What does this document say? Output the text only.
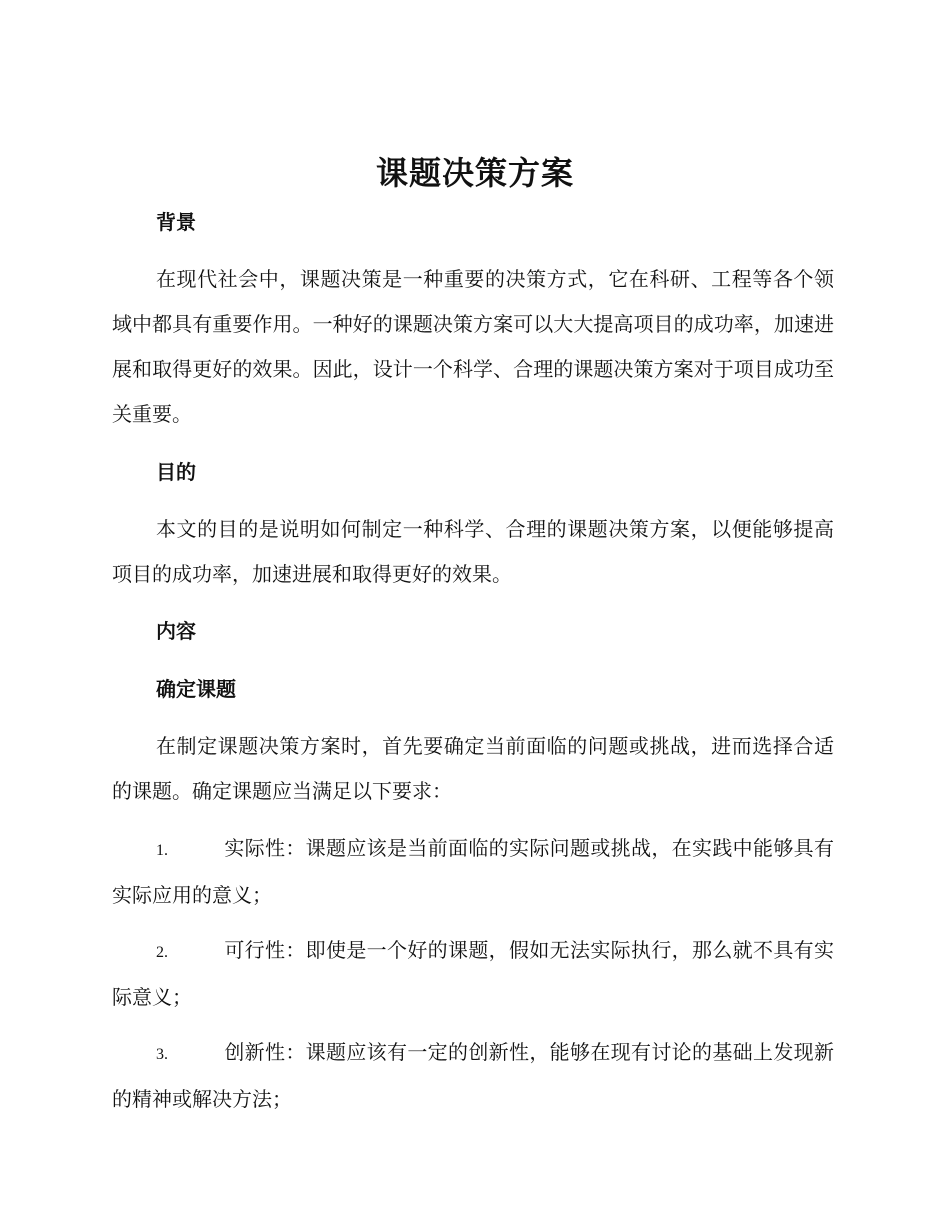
课题决策方案
背景

在现代社会中，课题决策是一种重要的决策方式，它在科研、工程等各个领域中都具有重要作用。一种好的课题决策方案可以大大提高项目的成功率，加速进展和取得更好的效果。因此，设计一个科学、合理的课题决策方案对于项目成功至关重要。

目的

本文的目的是说明如何制定一种科学、合理的课题决策方案，以便能够提高项目的成功率，加速进展和取得更好的效果。

内容
确定课题

在制定课题决策方案时，首先要确定当前面临的问题或挑战，进而选择合适的课题。确定课题应当满足以下要求：

1.	实际性：课题应该是当前面临的实际问题或挑战，在实践中能够具有实际应用的意义；

2.	可行性：即使是一个好的课题，假如无法实际执行，那么就不具有实际意义；

3.	创新性：课题应该有一定的创新性，能够在现有讨论的基础上发现新的精神或解决方法；
